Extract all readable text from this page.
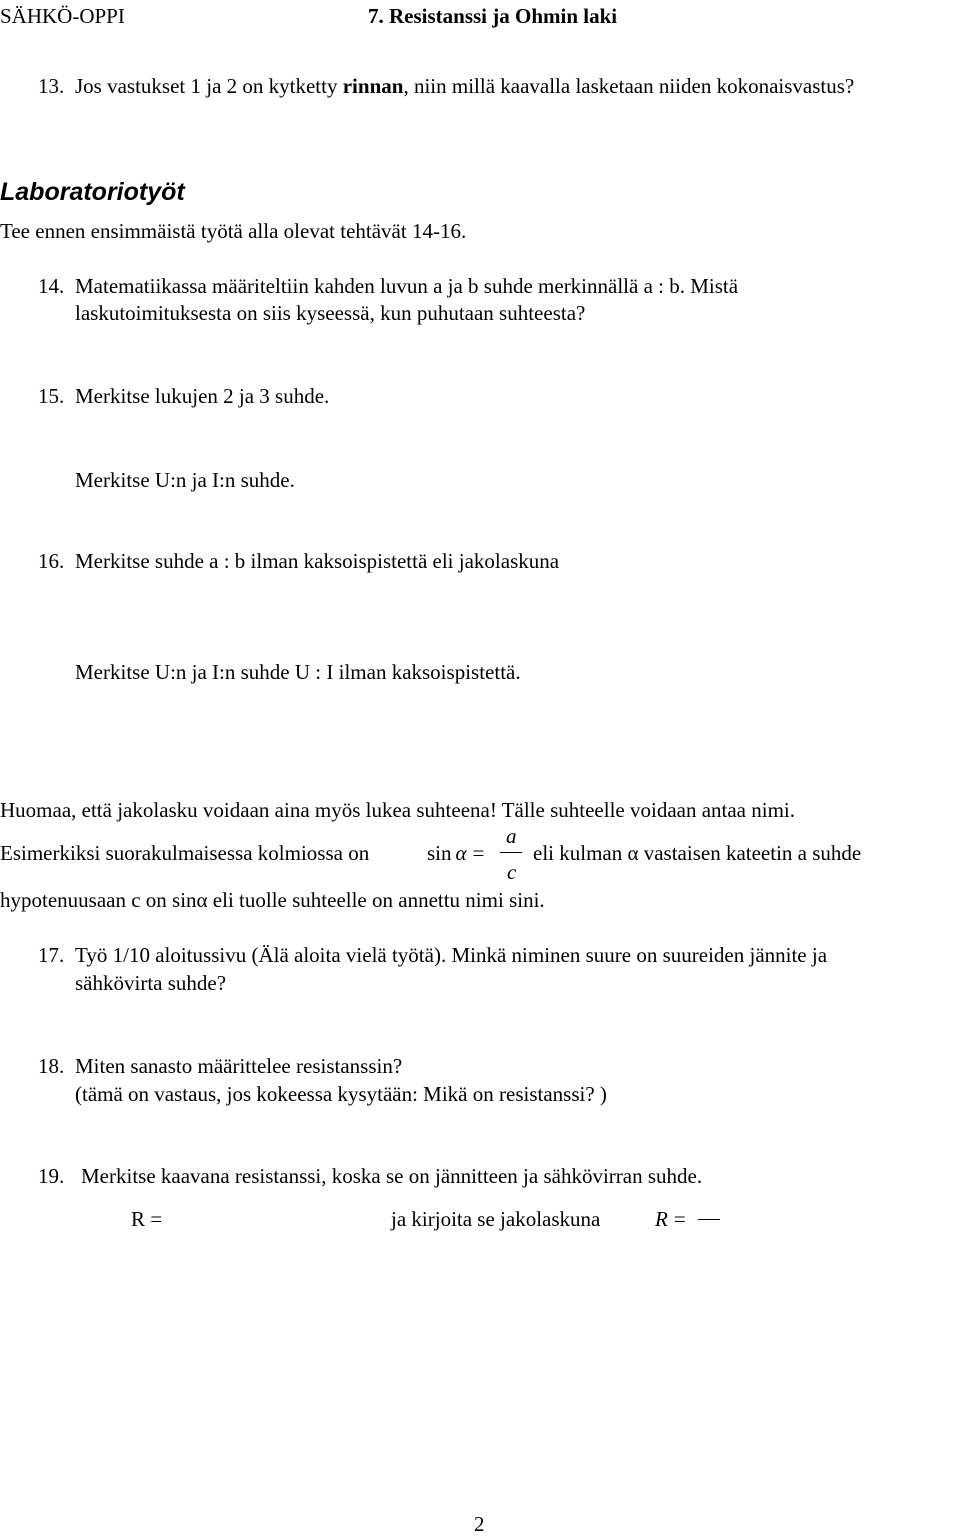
SÄHKÖ-OPPI	7. Resistanssi ja Ohmin laki
13. Jos vastukset 1 ja 2 on kytketty rinnan, niin millä kaavalla lasketaan niiden kokonaisvastus?
Laboratoriotyöt
Tee ennen ensimmäistä työtä alla olevat tehtävät 14-16.
14. Matematiikassa määriteltiin kahden luvun a ja b suhde merkinnällä a : b. Mistä
laskutoimituksesta on siis kyseessä, kun puhutaan suhteesta?
15. Merkitse lukujen 2 ja 3 suhde.
Merkitse U:n ja I:n suhde.
16. Merkitse suhde a : b ilman kaksoispistettä eli jakolaskuna
Merkitse U:n ja I:n suhde U : I ilman kaksoispistettä.
Huomaa, että jakolasku voidaan aina myös lukea suhteena! Tälle suhteelle voidaan antaa nimi.
Esimerkiksi suorakulmaisessa kolmiossa on	sin α =
a
c
eli kulman α vastaisen kateetin a suhde
hypotenuusaan c on sinα eli tuolle suhteelle on annettu nimi sini.
17. Työ 1/10 aloitussivu (Älä aloita vielä työtä). Minkä niminen suure on suureiden jännite ja
sähkövirta suhde?
18. Miten sanasto määrittelee resistanssin?
(tämä on vastaus, jos kokeessa kysytään: Mikä on resistanssi? )
19. Merkitse kaavana resistanssi, koska se on jännitteen ja sähkövirran suhde.
R =	ja kirjoita se jakolaskuna	R =
2
